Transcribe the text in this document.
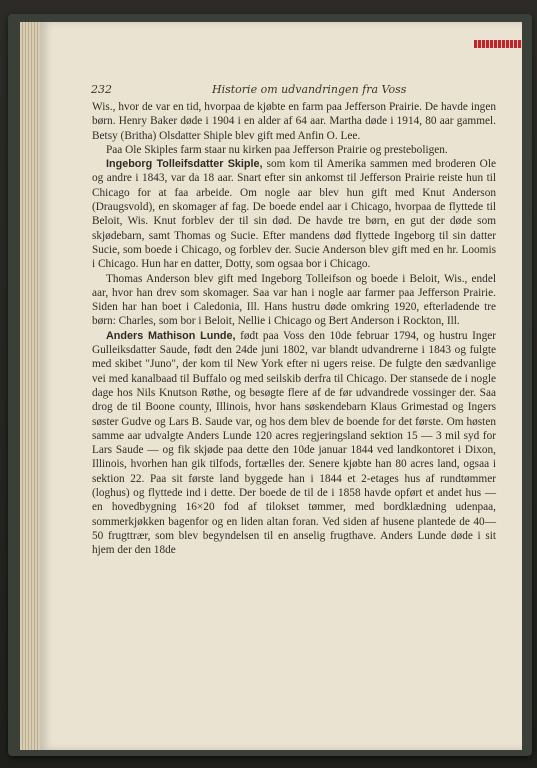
232	Historie om udvandringen fra Voss

Wis., hvor de var en tid, hvorpaa de kjøbte en farm paa Jefferson Prairie. De havde ingen børn. Henry Baker døde i 1904 i en alder af 64 aar. Martha døde i 1914, 80 aar gammel. Betsy (Britha) Olsdatter Shiple blev gift med Anfin O. Lee.

Paa Ole Skiples farm staar nu kirken paa Jefferson Prairie og presteboligen.

Ingeborg Tolleifsdatter Skiple, som kom til Amerika sammen med broderen Ole og andre i 1843, var da 18 aar. Snart efter sin ankomst til Jefferson Prairie reiste hun til Chicago for at faa arbeide. Om nogle aar blev hun gift med Knut Anderson (Draugsvold), en skomager af fag. De boede endel aar i Chicago, hvorpaa de flyttede til Beloit, Wis. Knut forblev der til sin død. De havde tre børn, en gut der døde som skjødebarn, samt Thomas og Sucie. Efter mandens død flyttede Ingeborg til sin datter Sucie, som boede i Chicago, og forblev der. Sucie Anderson blev gift med en hr. Loomis i Chicago. Hun har en datter, Dotty, som ogsaa bor i Chicago.

Thomas Anderson blev gift med Ingeborg Tolleifson og boede i Beloit, Wis., endel aar, hvor han drev som skomager. Saa var han i nogle aar farmer paa Jefferson Prairie. Siden har han boet i Caledonia, Ill. Hans hustru døde omkring 1920, efterladende tre børn: Charles, som bor i Beloit, Nellie i Chicago og Bert Anderson i Rockton, Ill.

Anders Mathison Lunde, født paa Voss den 10de februar 1794, og hustru Inger Gulleiksdatter Saude, født den 24de juni 1802, var blandt udvandrerne i 1843 og fulgte med skibet "Juno", der kom til New York efter ni ugers reise. De fulgte den sædvanlige vei med kanalbaad til Buffalo og med seilskib derfra til Chicago. Der stansede de i nogle dage hos Nils Knutson Røthe, og besøgte flere af de før udvandrede vossinger der. Saa drog de til Boone county, Illinois, hvor hans søskendebarn Klaus Grimestad og Ingers søster Gudve og Lars B. Saude var, og hos dem blev de boende for det første. Om høsten samme aar udvalgte Anders Lunde 120 acres regjeringsland sektion 15 — 3 mil syd for Lars Saude — og fik skjøde paa dette den 10de januar 1844 ved landkontoret i Dixon, Illinois, hvorhen han gik tilfods, fortælles der. Senere kjøbte han 80 acres land, ogsaa i sektion 22. Paa sit første land byggede han i 1844 et 2-etages hus af rundtømmer (loghus) og flyttede ind i dette. Der boede de til de i 1858 havde opført et andet hus — en hovedbygning 16×20 fod af tilokset tømmer, med bordklædning udenpaa, sommerkjøkken bagenfor og en liden altan foran. Ved siden af husene plantede de 40—50 frugttrær, som blev begyndelsen til en anselig frugthave. Anders Lunde døde i sit hjem der den 18de
